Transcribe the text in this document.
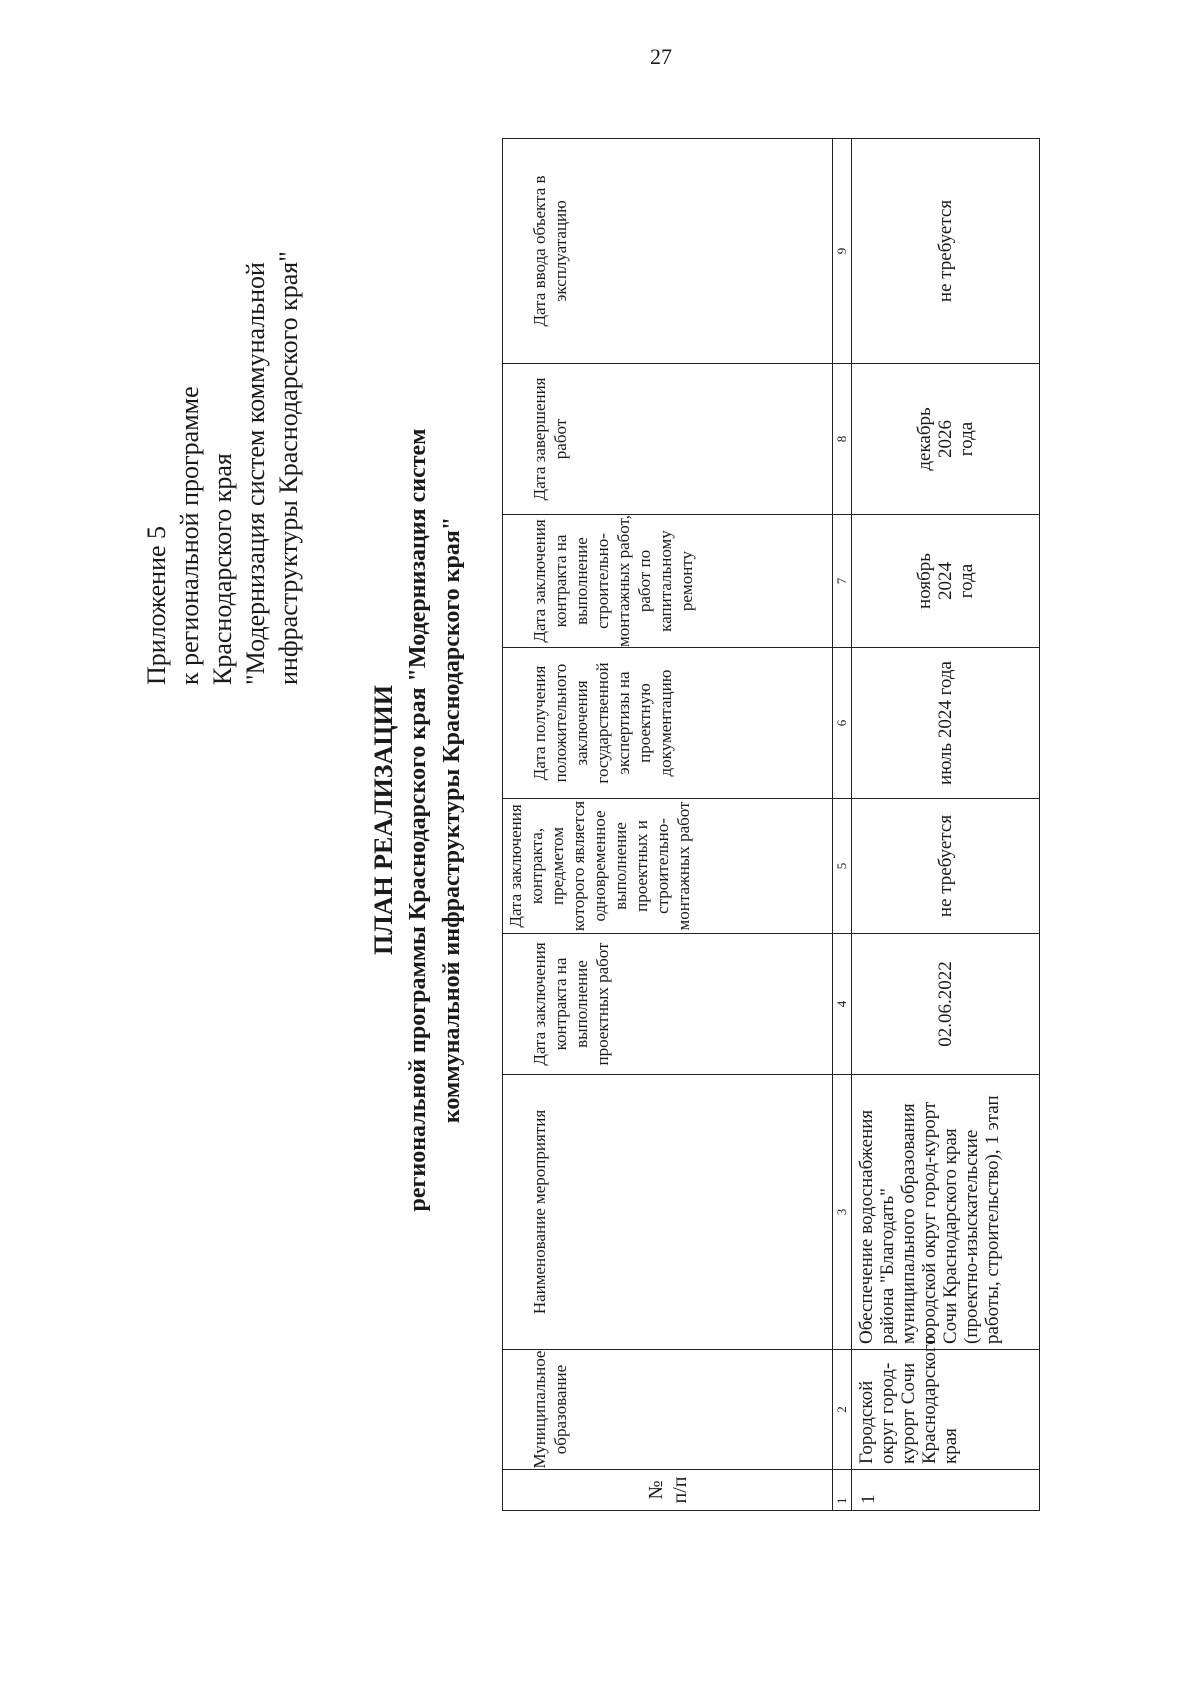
27
Приложение 5 к региональной программе Краснодарского края "Модернизация систем коммунальной инфраструктуры Краснодарского края"
ПЛАН РЕАЛИЗАЦИИ региональной программы Краснодарского края "Модернизация систем коммунальной инфраструктуры Краснодарского края"
№ п/п	Муниципальное образование	Наименование мероприятия	Дата заключения контракта на выполнение проектных работ	Дата заключения контракта, предметом которого является одновременное выполнение проектных и строительно-монтажных работ	Дата получения положительного заключения государственной экспертизы на проектную документацию	Дата заключения контракта на выполнение строительно-монтажных работ, работ по капитальному ремонту	Дата завершения работ	Дата ввода объекта в эксплуатацию
1	2	3	4	5	6	7	8	9
1	Городской округ город-курорт Сочи Краснодарского края	Обеспечение водоснабжения района "Благодать" муниципального образования городской округ город-курорт Сочи Краснодарского края (проектно-изыскательские работы, строительство), 1 этап	02.06.2022	не требуется	июль 2024 года	ноябрь 2024 года	декабрь 2026 года	не требуется
